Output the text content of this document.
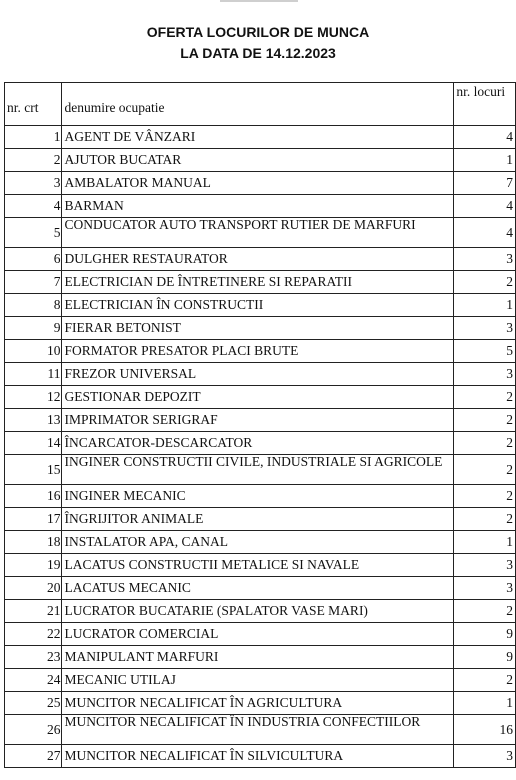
OFERTA LOCURILOR DE MUNCA
LA DATA DE 14.12.2023
nr. crt	denumire ocupatie	nr. locuri
1	AGENT DE VÂNZARI	4
2	AJUTOR BUCATAR	1
3	AMBALATOR MANUAL	7
4	BARMAN	4
5	CONDUCATOR AUTO TRANSPORT RUTIER DE MARFURI	4
6	DULGHER RESTAURATOR	3
7	ELECTRICIAN DE ÎNTRETINERE SI REPARATII	2
8	ELECTRICIAN ÎN CONSTRUCTII	1
9	FIERAR BETONIST	3
10	FORMATOR PRESATOR PLACI BRUTE	5
11	FREZOR UNIVERSAL	3
12	GESTIONAR DEPOZIT	2
13	IMPRIMATOR SERIGRAF	2
14	ÎNCARCATOR-DESCARCATOR	2
15	INGINER CONSTRUCTII CIVILE, INDUSTRIALE SI AGRICOLE	2
16	INGINER MECANIC	2
17	ÎNGRIJITOR ANIMALE	2
18	INSTALATOR APA, CANAL	1
19	LACATUS CONSTRUCTII METALICE SI NAVALE	3
20	LACATUS MECANIC	3
21	LUCRATOR BUCATARIE (SPALATOR VASE MARI)	2
22	LUCRATOR COMERCIAL	9
23	MANIPULANT MARFURI	9
24	MECANIC UTILAJ	2
25	MUNCITOR NECALIFICAT ÎN AGRICULTURA	1
26	MUNCITOR NECALIFICAT ÎN INDUSTRIA CONFECTIILOR	16
27	MUNCITOR NECALIFICAT ÎN SILVICULTURA	3
